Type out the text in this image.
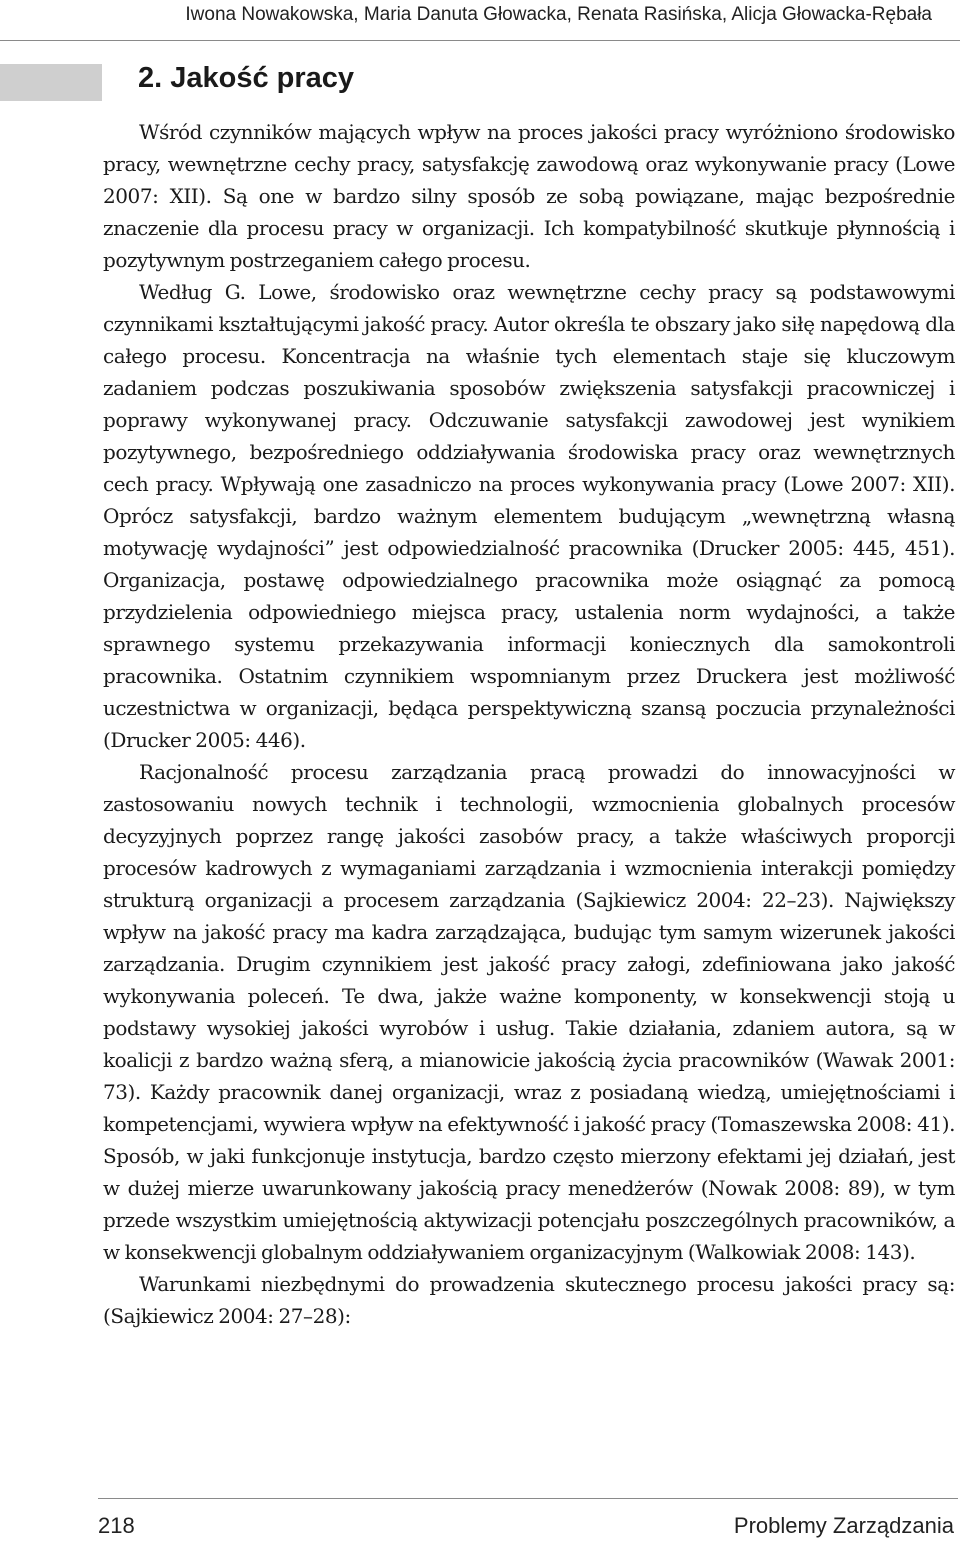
Iwona Nowakowska, Maria Danuta Głowacka, Renata Rasińska, Alicja Głowacka-Rębała
2. Jakość pracy

Wśród czynników mających wpływ na proces jakości pracy wyróżniono środowisko pracy, wewnętrzne cechy pracy, satysfakcję zawodową oraz wykonywanie pracy (Lowe 2007: XII). Są one w bardzo silny sposób ze sobą powiązane, mając bezpośrednie znaczenie dla procesu pracy w organizacji. Ich kompatybilność skutkuje płynnością i pozytywnym postrzeganiem całego procesu.

Według G. Lowe, środowisko oraz wewnętrzne cechy pracy są podstawowymi czynnikami kształtującymi jakość pracy. Autor określa te obszary jako siłę napędową dla całego procesu. Koncentracja na właśnie tych elementach staje się kluczowym zadaniem podczas poszukiwania sposobów zwiększenia satysfakcji pracowniczej i poprawy wykonywanej pracy. Odczuwanie satysfakcji zawodowej jest wynikiem pozytywnego, bezpośredniego oddziaływania środowiska pracy oraz wewnętrznych cech pracy. Wpływają one zasadniczo na proces wykonywania pracy (Lowe 2007: XII). Oprócz satysfakcji, bardzo ważnym elementem budującym „wewnętrzną własną motywację wydajności” jest odpowiedzialność pracownika (Drucker 2005: 445, 451). Organizacja, postawę odpowiedzialnego pracownika może osiągnąć za pomocą przydzielenia odpowiedniego miejsca pracy, ustalenia norm wydajności, a także sprawnego systemu przekazywania informacji koniecznych dla samokontroli pracownika. Ostatnim czynnikiem wspomnianym przez Druckera jest możliwość uczestnictwa w organizacji, będąca perspektywiczną szansą poczucia przynależności (Drucker 2005: 446).

Racjonalność procesu zarządzania pracą prowadzi do innowacyjności w zastosowaniu nowych technik i technologii, wzmocnienia globalnych procesów decyzyjnych poprzez rangę jakości zasobów pracy, a także właściwych proporcji procesów kadrowych z wymaganiami zarządzania i wzmocnienia interakcji pomiędzy strukturą organizacji a procesem zarządzania (Sajkiewicz 2004: 22–23). Największy wpływ na jakość pracy ma kadra zarządzająca, budując tym samym wizerunek jakości zarządzania. Drugim czynnikiem jest jakość pracy załogi, zdefiniowana jako jakość wykonywania poleceń. Te dwa, jakże ważne komponenty, w konsekwencji stoją u podstawy wysokiej jakości wyrobów i usług. Takie działania, zdaniem autora, są w koalicji z bardzo ważną sferą, a mianowicie jakością życia pracowników (Wawak 2001: 73). Każdy pracownik danej organizacji, wraz z posiadaną wiedzą, umiejętnościami i kompetencjami, wywiera wpływ na efektywność i jakość pracy (Tomaszewska 2008: 41). Sposób, w jaki funkcjonuje instytucja, bardzo często mierzony efektami jej działań, jest w dużej mierze uwarunkowany jakością pracy menedżerów (Nowak 2008: 89), w tym przede wszystkim umiejętnością aktywizacji potencjału poszczególnych pracowników, a w konsekwencji globalnym oddziaływaniem organizacyjnym (Walkowiak 2008: 143).

Warunkami niezbędnymi do prowadzenia skutecznego procesu jakości pracy są: (Sajkiewicz 2004: 27–28):

218	Problemy Zarządzania
